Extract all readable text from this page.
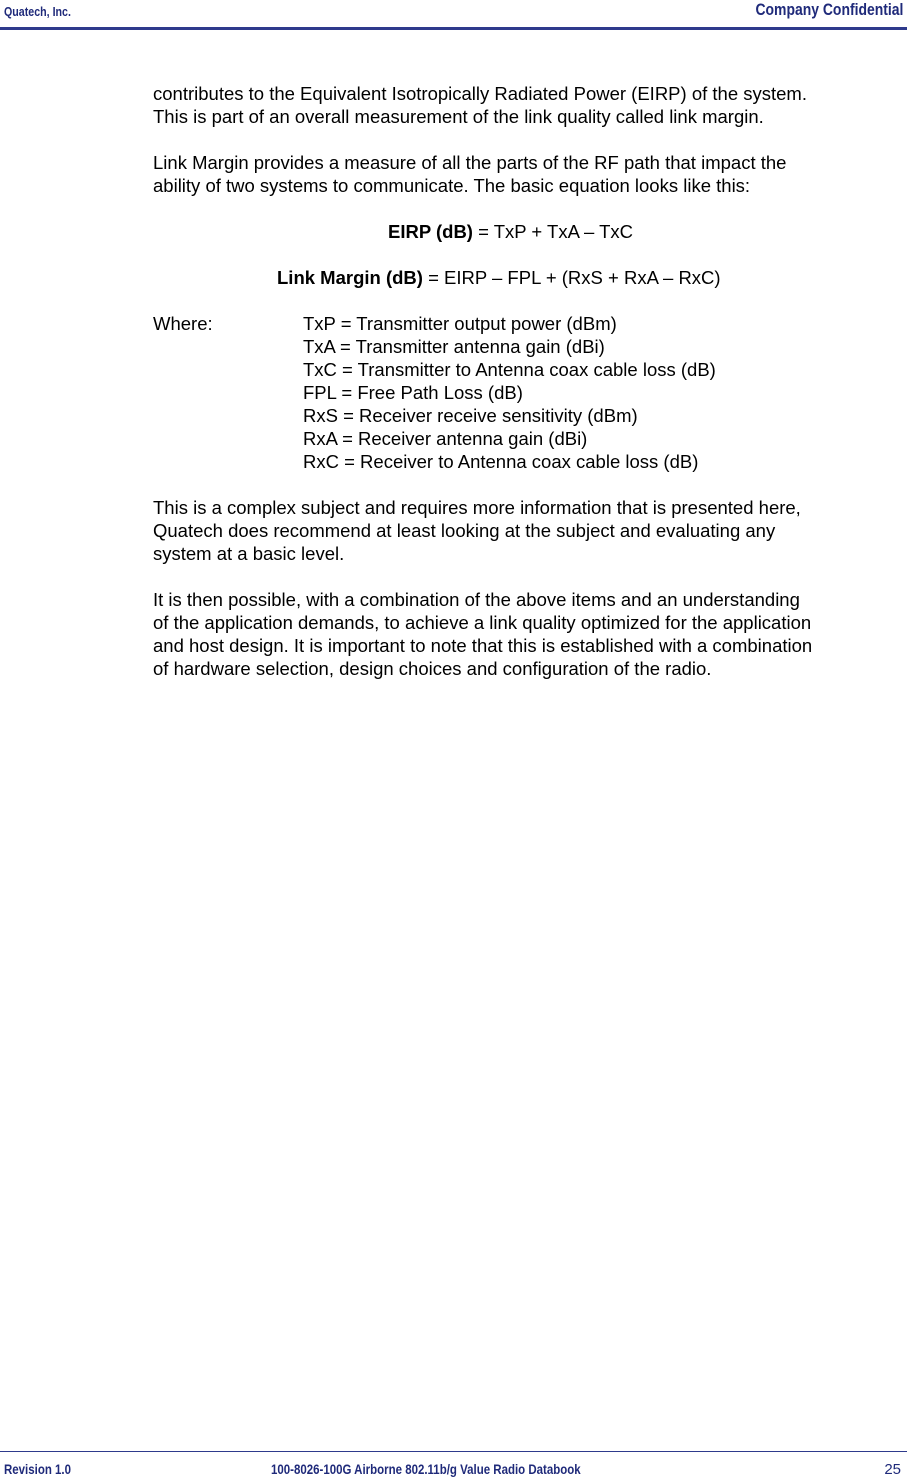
Quatech, Inc.	Company Confidential

contributes to the Equivalent Isotropically Radiated Power (EIRP) of the system.
This is part of an overall measurement of the link quality called link margin.

Link Margin provides a measure of all the parts of the RF path that impact the
ability of two systems to communicate. The basic equation looks like this:

EIRP (dB) = TxP + TxA – TxC
Link Margin (dB) = EIRP – FPL + (RxS + RxA – RxC)
Where:	TxP = Transmitter output power (dBm)
TxA = Transmitter antenna gain (dBi)
TxC = Transmitter to Antenna coax cable loss (dB)
FPL = Free Path Loss (dB)
RxS = Receiver receive sensitivity (dBm)
RxA = Receiver antenna gain (dBi)
RxC = Receiver to Antenna coax cable loss (dB)

This is a complex subject and requires more information that is presented here,
Quatech does recommend at least looking at the subject and evaluating any
system at a basic level.

It is then possible, with a combination of the above items and an understanding
of the application demands, to achieve a link quality optimized for the application
and host design. It is important to note that this is established with a combination
of hardware selection, design choices and configuration of the radio.

Revision 1.0	100-8026-100G Airborne 802.11b/g Value Radio Databook	25
